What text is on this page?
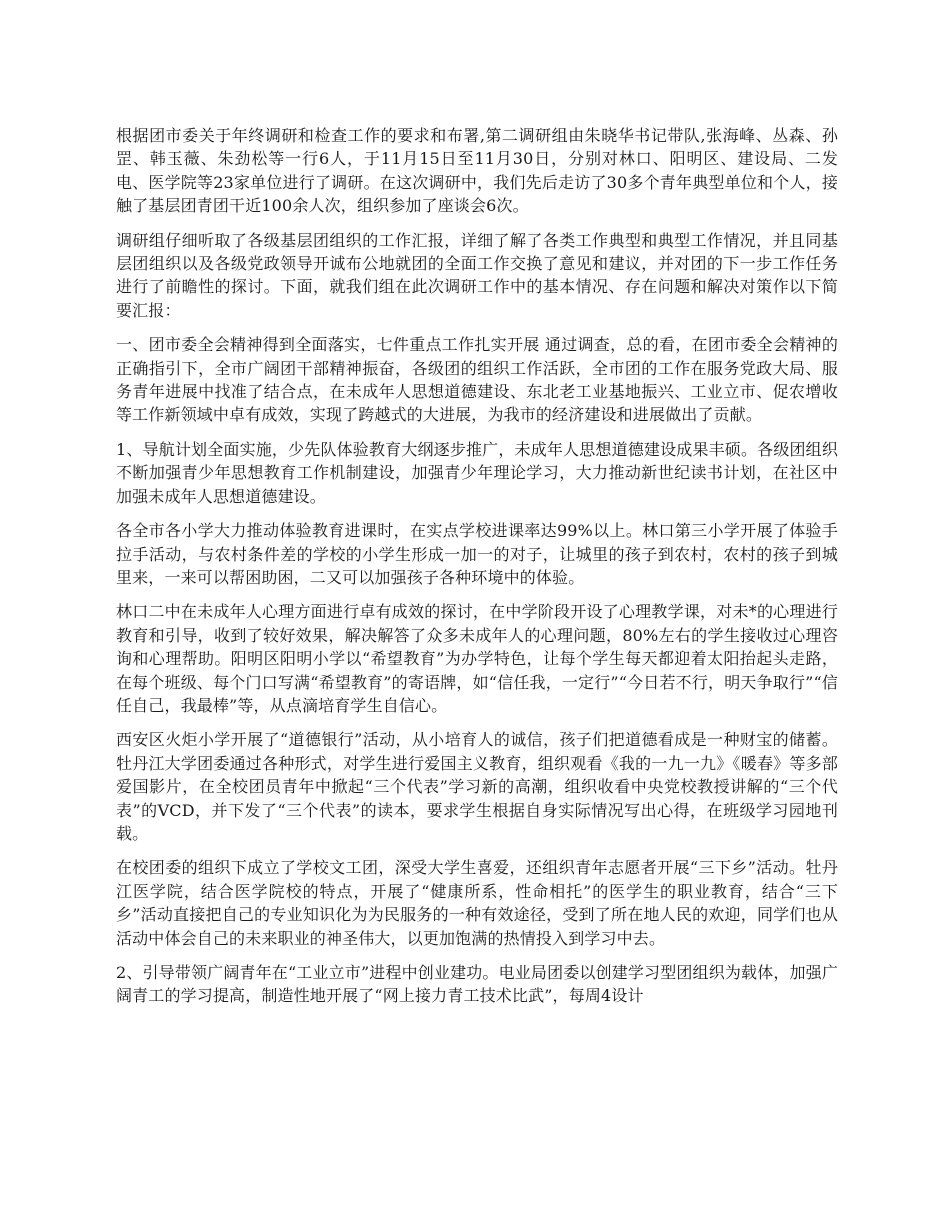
根据团市委关于年终调研和检查工作的要求和布署,第二调研组由朱晓华书记带队,张海峰、丛森、孙罡、韩玉薇、朱劲松等一行6人，于11月15日至11月30日，分别对林口、阳明区、建设局、二发电、医学院等23家单位进行了调研。在这次调研中，我们先后走访了30多个青年典型单位和个人，接触了基层团青团干近100余人次，组织参加了座谈会6次。

调研组仔细听取了各级基层团组织的工作汇报，详细了解了各类工作典型和典型工作情况，并且同基层团组织以及各级党政领导开诚布公地就团的全面工作交换了意见和建议，并对团的下一步工作任务进行了前瞻性的探讨。下面，就我们组在此次调研工作中的基本情况、存在问题和解决对策作以下简要汇报：

一、团市委全会精神得到全面落实，七件重点工作扎实开展 通过调查，总的看，在团市委全会精神的正确指引下，全市广阔团干部精神振奋，各级团的组织工作活跃，全市团的工作在服务党政大局、服务青年进展中找准了结合点，在未成年人思想道德建设、东北老工业基地振兴、工业立市、促农增收等工作新领域中卓有成效，实现了跨越式的大进展，为我市的经济建设和进展做出了贡献。

1、导航计划全面实施，少先队体验教育大纲逐步推广，未成年人思想道德建设成果丰硕。各级团组织不断加强青少年思想教育工作机制建设，加强青少年理论学习，大力推动新世纪读书计划，在社区中加强未成年人思想道德建设。

各全市各小学大力推动体验教育进课时，在实点学校进课率达99%以上。林口第三小学开展了体验手拉手活动，与农村条件差的学校的小学生形成一加一的对子，让城里的孩子到农村，农村的孩子到城里来，一来可以帮困助困，二又可以加强孩子各种环境中的体验。

林口二中在未成年人心理方面进行卓有成效的探讨，在中学阶段开设了心理教学课，对未*的心理进行教育和引导，收到了较好效果，解决解答了众多未成年人的心理问题，80%左右的学生接收过心理咨询和心理帮助。阳明区阳明小学以“希望教育”为办学特色，让每个学生每天都迎着太阳抬起头走路，在每个班级、每个门口写满“希望教育”的寄语牌，如“信任我，一定行”“今日若不行，明天争取行”“信任自己，我最棒”等，从点滴培育学生自信心。

西安区火炬小学开展了“道德银行”活动，从小培育人的诚信，孩子们把道德看成是一种财宝的储蓄。牡丹江大学团委通过各种形式，对学生进行爱国主义教育，组织观看《我的一九一九》《暖春》等多部爱国影片，在全校团员青年中掀起“三个代表”学习新的高潮，组织收看中央党校教授讲解的“三个代表”的VCD，并下发了“三个代表”的读本，要求学生根据自身实际情况写出心得，在班级学习园地刊载。

在校团委的组织下成立了学校文工团，深受大学生喜爱，还组织青年志愿者开展“三下乡”活动。牡丹江医学院，结合医学院校的特点，开展了“健康所系，性命相托”的医学生的职业教育，结合“三下乡”活动直接把自己的专业知识化为为民服务的一种有效途径，受到了所在地人民的欢迎，同学们也从活动中体会自己的未来职业的神圣伟大，以更加饱满的热情投入到学习中去。

2、引导带领广阔青年在“工业立市”进程中创业建功。电业局团委以创建学习型团组织为载体，加强广阔青工的学习提高，制造性地开展了“网上接力青工技术比武”，每周4设计
